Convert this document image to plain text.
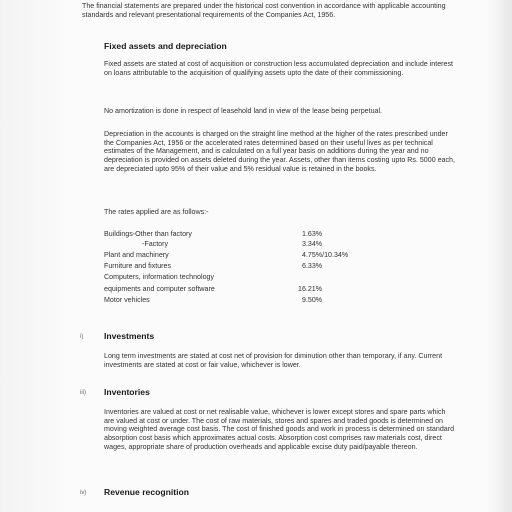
The financial statements are prepared under the historical cost convention in accordance with applicable accounting standards and relevant presentational requirements of the Companies Act, 1956.
Fixed assets and depreciation
Fixed assets are stated at cost of acquisition or construction less accumulated depreciation and include interest on loans attributable to the acquisition of qualifying assets upto the date of their commissioning.
No amortization is done in respect of leasehold land in view of the lease being perpetual.
Depreciation in the accounts is charged on the straight line method at the higher of the rates prescribed under the Companies Act, 1956 or the accelerated rates determined based on their useful lives as per technical estimates of the Management, and is calculated on a full year basis on additions during the year and no depreciation is provided on assets deleted during the year. Assets, other than items costing upto Rs. 5000 each, are depreciated upto 95% of their value and 5% residual value is retained in the books.
The rates applied are as follows:-
Buildings-Other than factory	1.63%
-Factory	3.34%
Plant and machinery	4.75%/10.34%
Furniture and fixtures	6.33%
Computers, information technology
equipments and computer software	16.21%
Motor vehicles	9.50%
i) Investments
Long term investments are stated at cost net of provision for diminution other than temporary, if any. Current investments are stated at cost or fair value, whichever is lower.
iii) Inventories
Inventories are valued at cost or net realisable value, whichever is lower except stores and spare parts which are valued at cost or under. The cost of raw materials, stores and spares and traded goods is determined on moving weighted average cost basis. The cost of finished goods and work in process is determined on standard absorption cost basis which approximates actual costs. Absorption cost comprises raw materials cost, direct wages, appropriate share of production overheads and applicable excise duty paid/payable thereon.
iv) Revenue recognition
